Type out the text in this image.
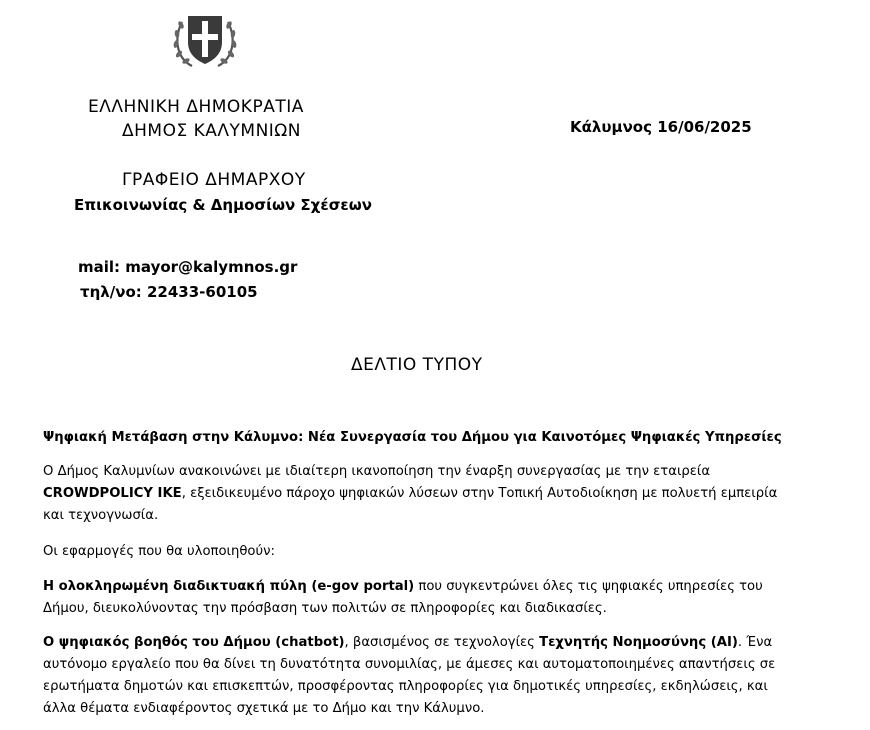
ΕΛΛΗΝΙΚΗ ΔΗΜΟΚΡΑΤΙΑ
ΔΗΜΟΣ ΚΑΛΥΜΝΙΩΝ
ΓΡΑΦΕΙΟ ΔΗΜΑΡΧΟΥ
Επικοινωνίας & Δημοσίων Σχέσεων
Κάλυμνος 16/06/2025
mail: mayor@kalymnos.gr
τηλ/νο: 22433-60105
ΔΕΛΤΙΟ ΤΥΠΟΥ
Ψηφιακή Μετάβαση στην Κάλυμνο: Νέα Συνεργασία του Δήμου για Καινοτόμες Ψηφιακές Υπηρεσίες

Ο Δήμος Καλυμνίων ανακοινώνει με ιδιαίτερη ικανοποίηση την έναρξη συνεργασίας με την εταιρεία CROWDPOLICY IKE, εξειδικευμένο πάροχο ψηφιακών λύσεων στην Τοπική Αυτοδιοίκηση με πολυετή εμπειρία και τεχνογνωσία.

Οι εφαρμογές που θα υλοποιηθούν:

Η ολοκληρωμένη διαδικτυακή πύλη (e-gov portal) που συγκεντρώνει όλες τις ψηφιακές υπηρεσίες του Δήμου, διευκολύνοντας την πρόσβαση των πολιτών σε πληροφορίες και διαδικασίες.

Ο ψηφιακός βοηθός του Δήμου (chatbot), βασισμένος σε τεχνολογίες Τεχνητής Νοημοσύνης (AI). Ένα αυτόνομο εργαλείο που θα δίνει τη δυνατότητα συνομιλίας, με άμεσες και αυτοματοποιημένες απαντήσεις σε ερωτήματα δημοτών και επισκεπτών, προσφέροντας πληροφορίες για δημοτικές υπηρεσίες, εκδηλώσεις, και άλλα θέματα ενδιαφέροντος σχετικά με το Δήμο και την Κάλυμνο.
